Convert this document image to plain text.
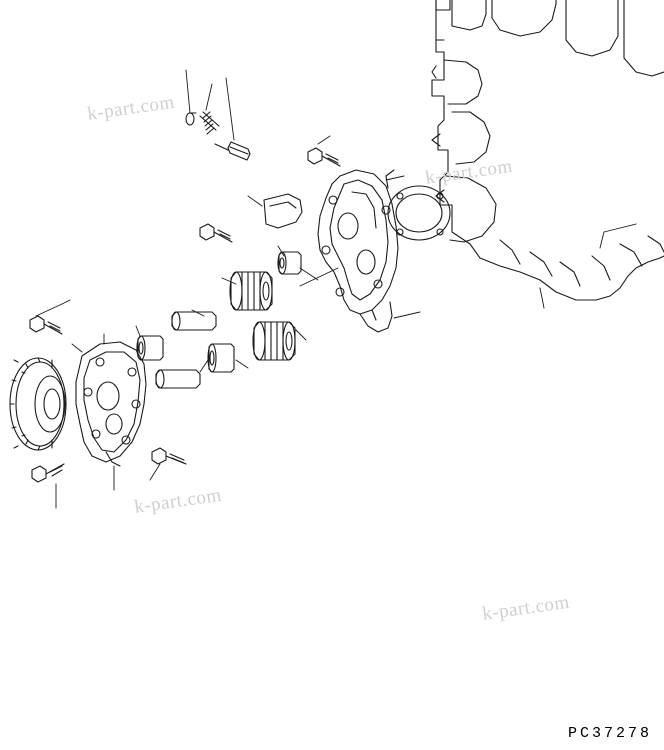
k-part.com
k-part.com
k-part.com
k-part.com
PC37278
